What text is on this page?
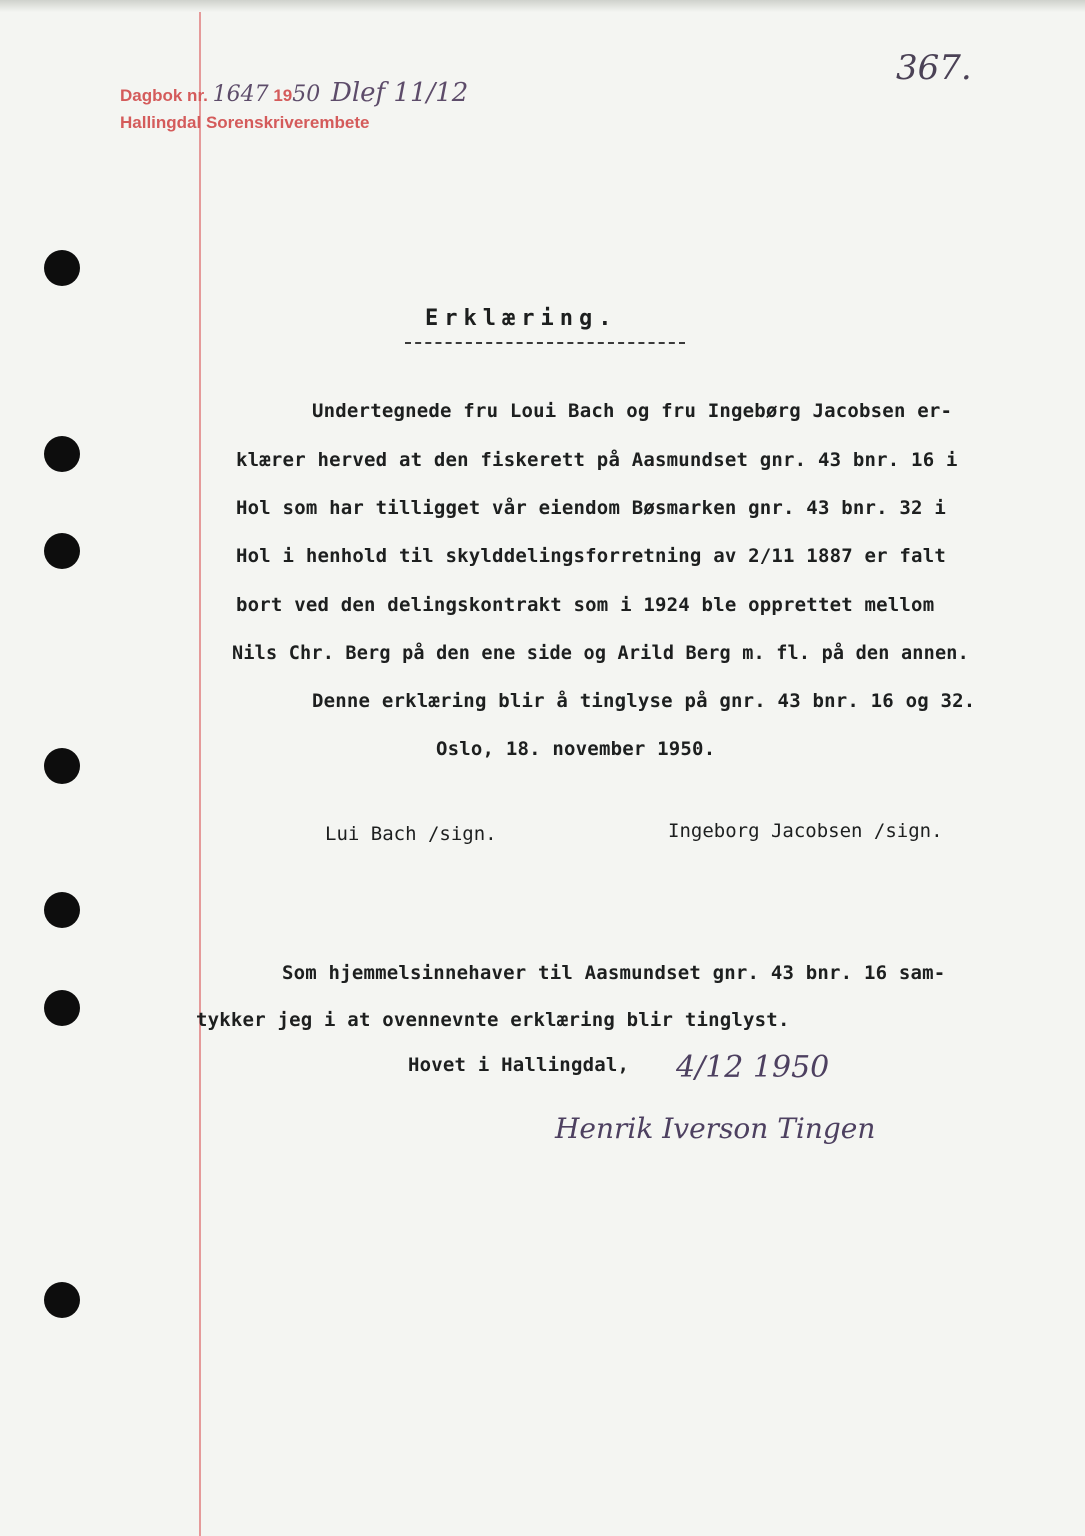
Dagbok nr. 1647 1950 Dlef 11/12
Hallingdal Sorenskriverembete
367.
Erklæring.
Undertegnede fru Loui Bach og fru Ingebørg Jacobsen er-
klærer herved at den fiskerett på Aasmundset gnr. 43 bnr. 16 i
Hol som har tilligget vår eiendom Bøsmarken gnr. 43 bnr. 32 i
Hol i henhold til skylddelingsforretning av 2/11 1887 er falt
bort ved den delingskontrakt som i 1924 ble opprettet mellom
Nils Chr. Berg på den ene side og Arild Berg m. fl. på den annen.
Denne erklæring blir å tinglyse på gnr. 43 bnr. 16 og 32.
Oslo, 18. november 1950.
Lui Bach /sign.	Ingeborg Jacobsen /sign.
Som hjemmelsinnehaver til Aasmundset gnr. 43 bnr. 16 sam-
tykker jeg i at ovennevnte erklæring blir tinglyst.
Hovet i Hallingdal, 4/12 1950
Henrik Iverson Tingen
